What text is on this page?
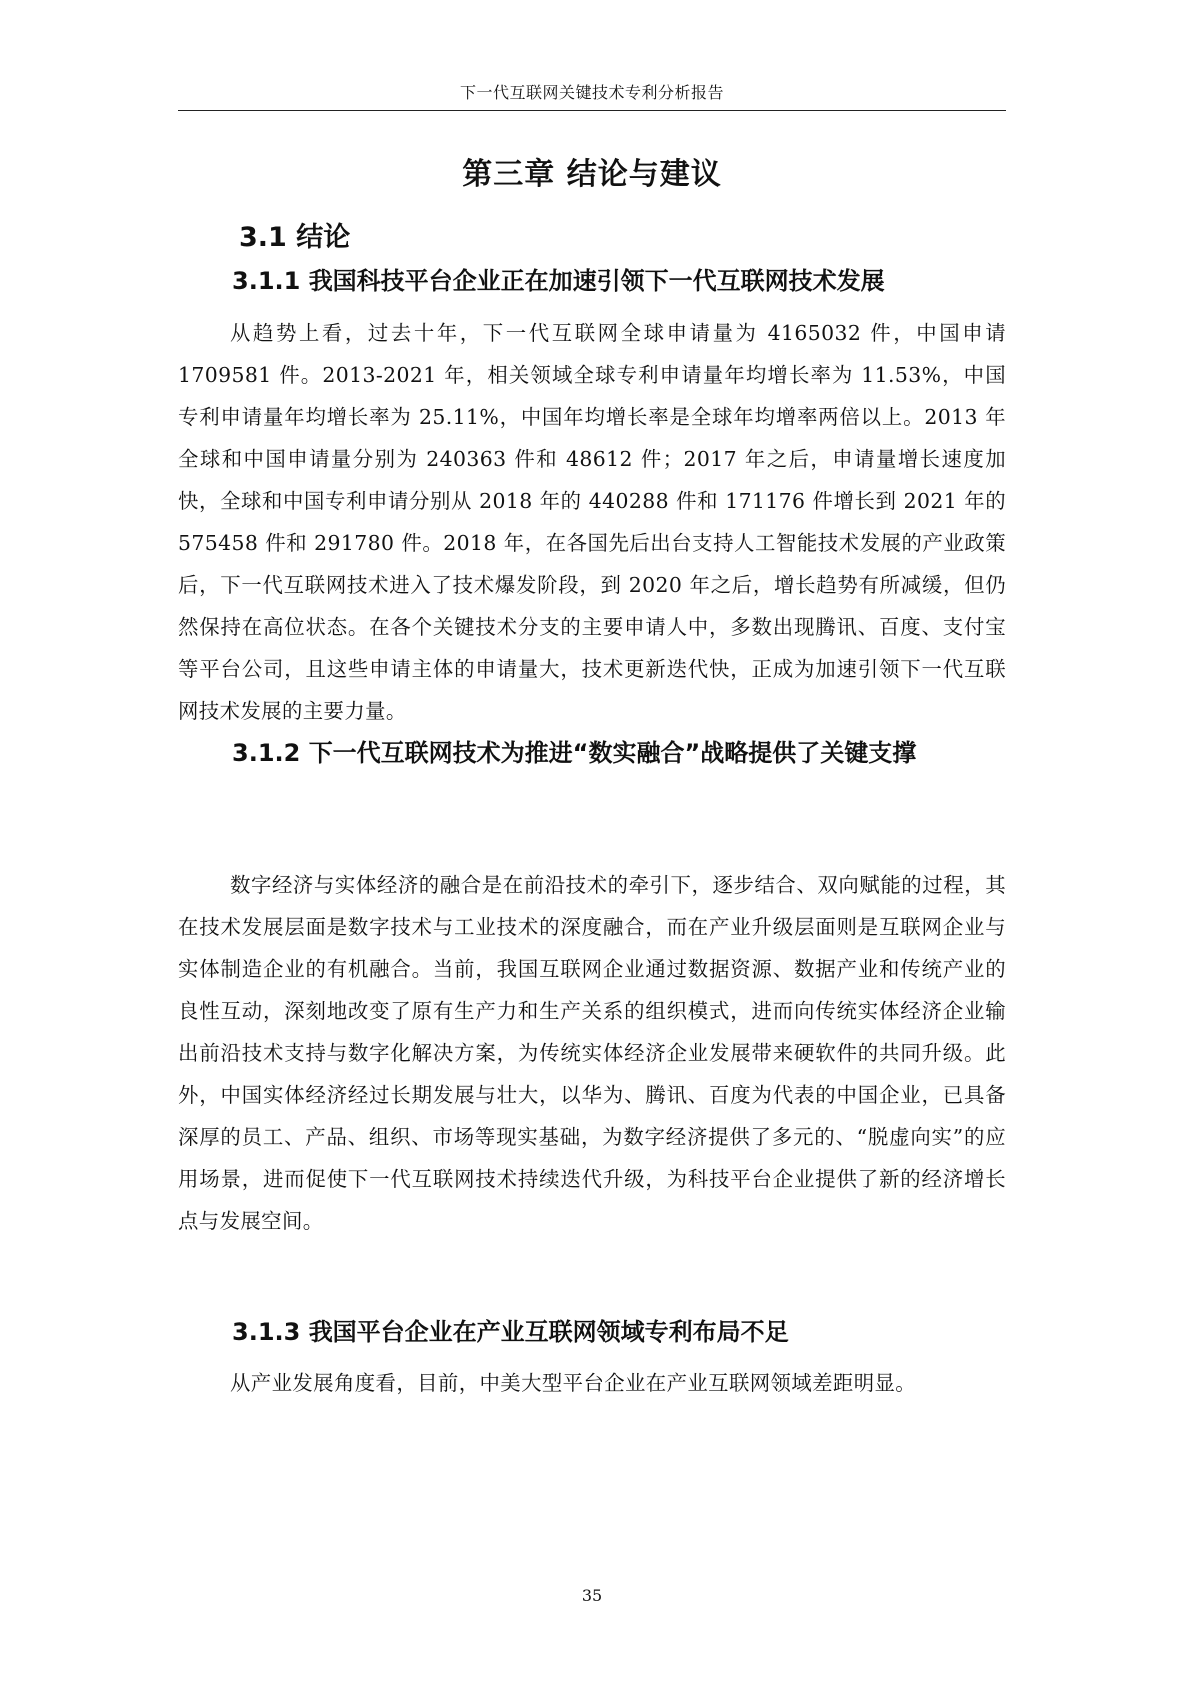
下一代互联网关键技术专利分析报告
第三章 结论与建议
3.1 结论
3.1.1 我国科技平台企业正在加速引领下一代互联网技术发展

从趋势上看，过去十年，下一代互联网全球申请量为 4165032 件，中国申请 1709581 件。2013-2021 年，相关领域全球专利申请量年均增长率为 11.53%，中国专利申请量年均增长率为 25.11%，中国年均增长率是全球年均增率两倍以上。2013 年全球和中国申请量分别为 240363 件和 48612 件；2017 年之后，申请量增长速度加快，全球和中国专利申请分别从 2018 年的 440288 件和 171176 件增长到 2021 年的 575458 件和 291780 件。2018 年，在各国先后出台支持人工智能技术发展的产业政策后，下一代互联网技术进入了技术爆发阶段，到 2020 年之后，增长趋势有所减缓，但仍然保持在高位状态。在各个关键技术分支的主要申请人中，多数出现腾讯、百度、支付宝等平台公司，且这些申请主体的申请量大，技术更新迭代快，正成为加速引领下一代互联网技术发展的主要力量。

3.1.2 下一代互联网技术为推进“数实融合”战略提供了关键支撑

数字经济与实体经济的融合是在前沿技术的牵引下，逐步结合、双向赋能的过程，其在技术发展层面是数字技术与工业技术的深度融合，而在产业升级层面则是互联网企业与实体制造企业的有机融合。当前，我国互联网企业通过数据资源、数据产业和传统产业的良性互动，深刻地改变了原有生产力和生产关系的组织模式，进而向传统实体经济企业输出前沿技术支持与数字化解决方案，为传统实体经济企业发展带来硬软件的共同升级。此外，中国实体经济经过长期发展与壮大，以华为、腾讯、百度为代表的中国企业，已具备深厚的员工、产品、组织、市场等现实基础，为数字经济提供了多元的、“脱虚向实”的应用场景，进而促使下一代互联网技术持续迭代升级，为科技平台企业提供了新的经济增长点与发展空间。

3.1.3 我国平台企业在产业互联网领域专利布局不足

从产业发展角度看，目前，中美大型平台企业在产业互联网领域差距明显。

35
